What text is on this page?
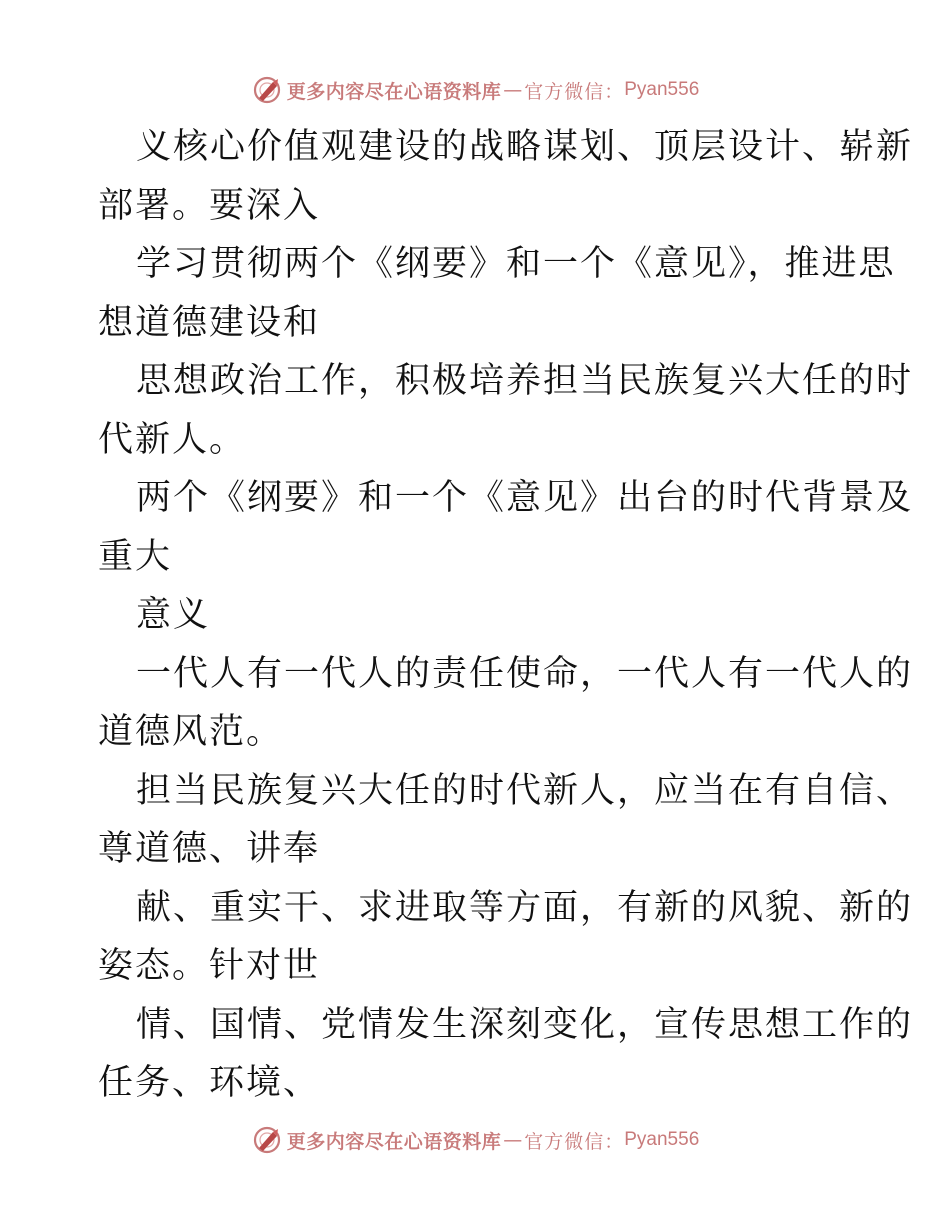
更多内容尽在心语资料库 — 官方微信： Pyan556
义核心价值观建设的战略谋划、顶层设计、崭新
部署。要深入
学习贯彻两个《纲要》和一个《意见》，推进思
想道德建设和
思想政治工作，积极培养担当民族复兴大任的时
代新人。
两个《纲要》和一个《意见》出台的时代背景及
重大
意义
一代人有一代人的责任使命，一代人有一代人的
道德风范。
担当民族复兴大任的时代新人，应当在有自信、
尊道德、讲奉
献、重实干、求进取等方面，有新的风貌、新的
姿态。针对世
情、国情、党情发生深刻变化，宣传思想工作的
任务、环境、
更多内容尽在心语资料库 — 官方微信： Pyan556
